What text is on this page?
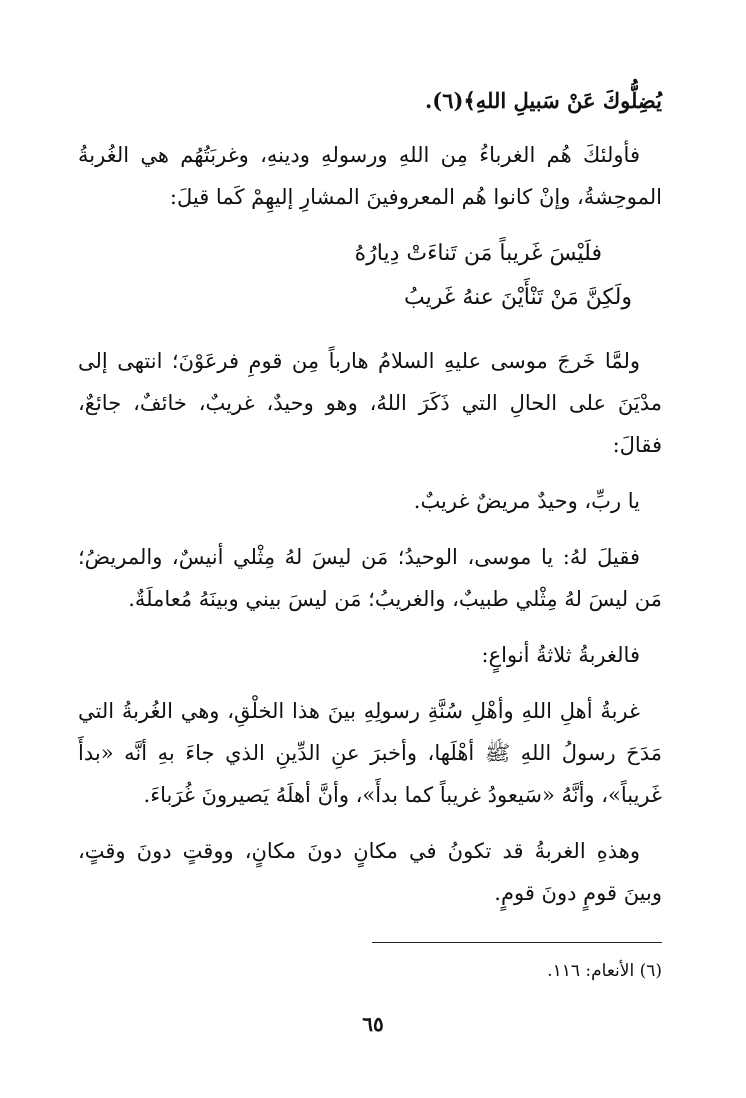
يُضِلُّوكَ عَنْ سَبيلِ اللهِ﴾(٦).

فأولئكَ هُم الغرباءُ مِن اللهِ ورسولهِ ودينهِ، وغربَتُهُم هي الغُربةُ الموحِشةُ، وإنْ كانوا هُم المعروفينَ المشارِ إليهِمْ كَما قيلَ:

فلَيْسَ غَريباً مَن تَناءَتْ دِيارُهُ
ولَكِنَّ مَنْ تَنْأَيْنَ عنهُ غَريبُ

ولمَّا خَرجَ موسى عليهِ السلامُ هارباً مِن قومِ فرعَوْنَ؛ انتهى إلى مدْيَنَ على الحالِ التي ذَكَرَ اللهُ، وهو وحيدٌ، غريبٌ، خائفٌ، جائعٌ، فقالَ:

يا ربِّ، وحيدٌ مريضٌ غريبٌ.

فقيلَ لهُ: يا موسى، الوحيدُ؛ مَن ليسَ لهُ مِثْلي أنيسٌ، والمريضُ؛ مَن ليسَ لهُ مِثْلي طبيبٌ، والغريبُ؛ مَن ليسَ بيني وبينَهُ مُعاملَةٌ.

فالغربةُ ثلاثةُ أنواعٍ:

غربةُ أهلِ اللهِ وأهْلِ سُنَّةِ رسولِهِ بينَ هذا الخلْقِ، وهي الغُربةُ التي مَدَحَ رسولُ اللهِ ﷺ أهْلَها، وأخبرَ عنِ الدِّينِ الذي جاءَ بهِ أنَّه «بدأَ غَريباً»، وأنَّهُ «سَيعودُ غريباً كما بدأَ»، وأنَّ أهلَهُ يَصيرونَ غُرَباءَ.

وهذهِ الغربةُ قد تكونُ في مكانٍ دونَ مكانٍ، ووقتٍ دونَ وقتٍ، وبينَ قومٍ دونَ قومٍ.

(٦) الأنعام: ١١٦.
٦٥
